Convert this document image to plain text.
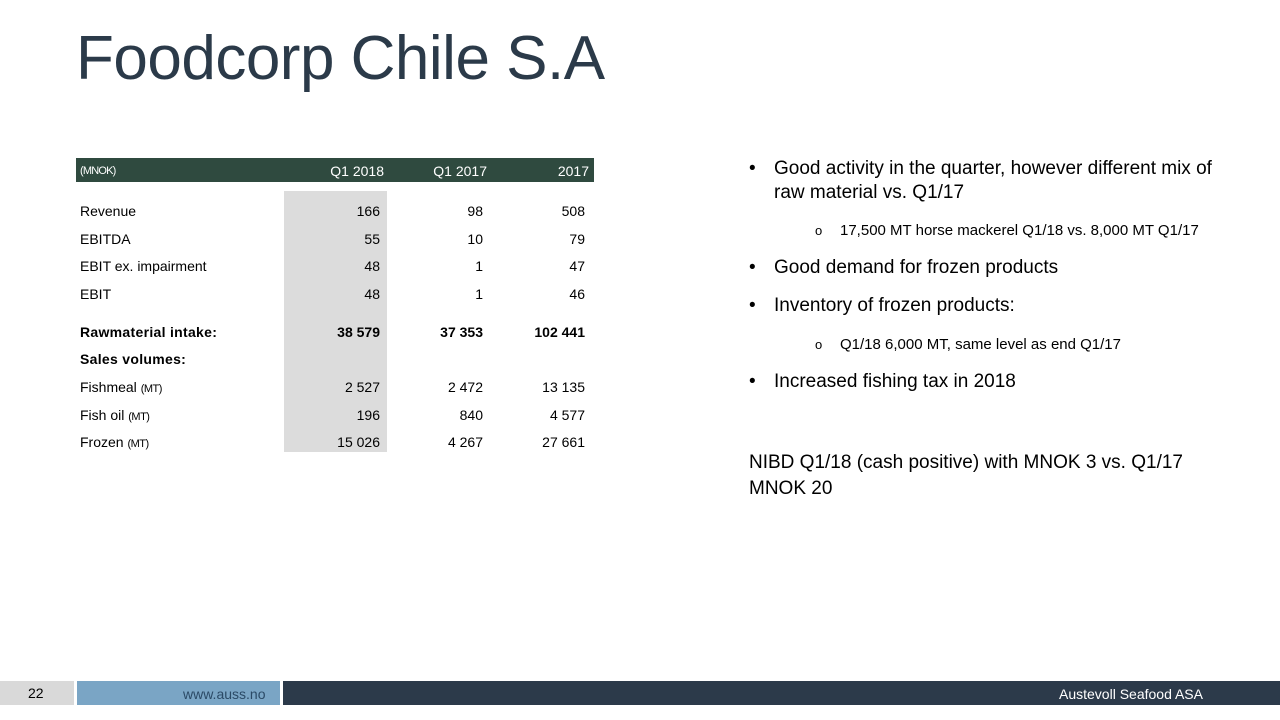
Foodcorp Chile S.A
(MNOK)	Q1 2018	Q1 2017	2017
Revenue	166	98	508
EBITDA	55	10	79
EBIT ex. impairment	48	1	47
EBIT	48	1	46
Rawmaterial intake:	38 579	37 353	102 441
Sales volumes:
Fishmeal (MT)	2 527	2 472	13 135
Fish oil (MT)	196	840	4 577
Frozen (MT)	15 026	4 267	27 661
• Good activity in the quarter, however different mix of
raw material vs. Q1/17
o 17,500 MT horse mackerel Q1/18 vs. 8,000 MT Q1/17
• Good demand for frozen products
• Inventory of frozen products:
o Q1/18 6,000 MT, same level as end Q1/17
• Increased fishing tax in 2018
NIBD Q1/18 (cash positive) with MNOK 3 vs. Q1/17
MNOK 20
22	www.auss.no	Austevoll Seafood ASA
